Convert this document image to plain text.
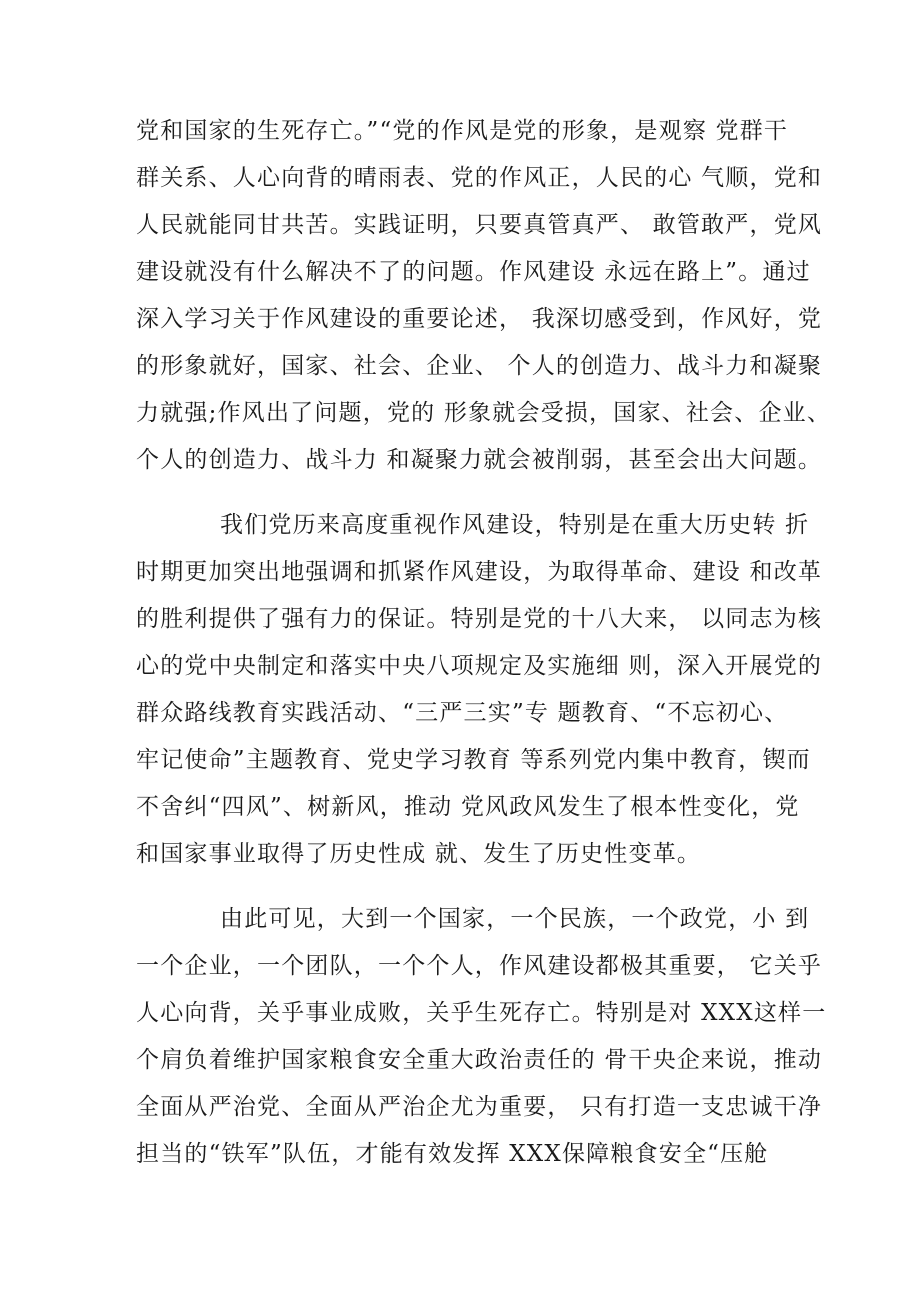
党和国家的生死存亡。”“党的作风是党的形象，是观察 党群干
群关系、人心向背的晴雨表、党的作风正，人民的心 气顺，党和
人民就能同甘共苦。实践证明，只要真管真严、 敢管敢严，党风
建设就没有什么解决不了的问题。作风建设 永远在路上”。通过
深入学习关于作风建设的重要论述， 我深切感受到，作风好，党
的形象就好，国家、社会、企业、 个人的创造力、战斗力和凝聚
力就强;作风出了问题，党的 形象就会受损，国家、社会、企业、
个人的创造力、战斗力 和凝聚力就会被削弱，甚至会出大问题。
我们党历来高度重视作风建设，特别是在重大历史转 折
时期更加突出地强调和抓紧作风建设，为取得革命、建设 和改革
的胜利提供了强有力的保证。特别是党的十八大来， 以同志为核
心的党中央制定和落实中央八项规定及实施细 则，深入开展党的
群众路线教育实践活动、“三严三实”专 题教育、“不忘初心、
牢记使命”主题教育、党史学习教育 等系列党内集中教育，锲而
不舍纠“四风”、树新风，推动 党风政风发生了根本性变化，党
和国家事业取得了历史性成 就、发生了历史性变革。
由此可见，大到一个国家，一个民族，一个政党，小 到
一个企业，一个团队，一个个人，作风建设都极其重要， 它关乎
人心向背，关乎事业成败，关乎生死存亡。特别是对 XXX这样一
个肩负着维护国家粮食安全重大政治责任的 骨干央企来说，推动
全面从严治党、全面从严治企尤为重要， 只有打造一支忠诚干净
担当的“铁军”队伍，才能有效发挥 XXX保障粮食安全“压舱
